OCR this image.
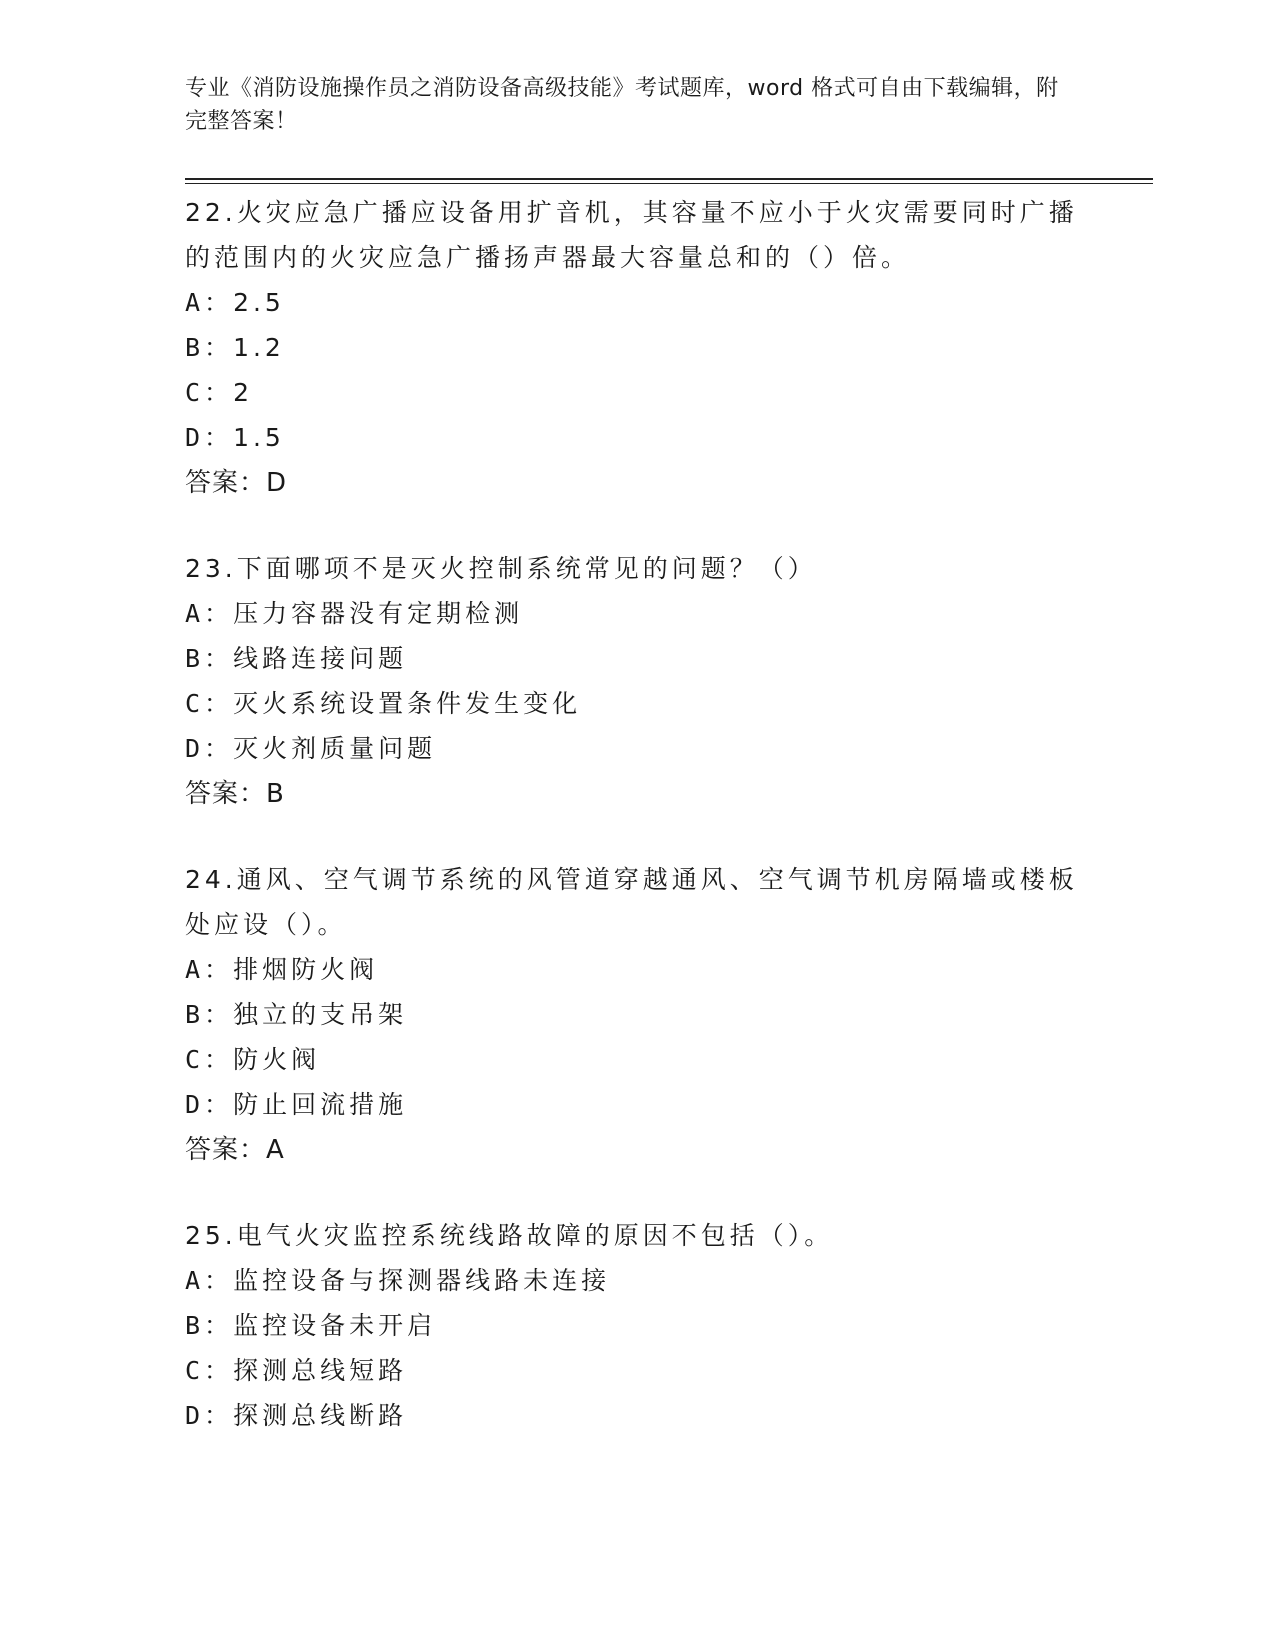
专业《消防设施操作员之消防设备高级技能》考试题库，word 格式可自由下载编辑，附完整答案！
22.火灾应急广播应设备用扩音机，其容量不应小于火灾需要同时广播的范围内的火灾应急广播扬声器最大容量总和的（）倍。
A：2.5
B：1.2
C：2
D：1.5
答案：D
23.下面哪项不是灭火控制系统常见的问题？（）
A：压力容器没有定期检测
B：线路连接问题
C：灭火系统设置条件发生变化
D：灭火剂质量问题
答案：B
24.通风、空气调节系统的风管道穿越通风、空气调节机房隔墙或楼板处应设（）。
A：排烟防火阀
B：独立的支吊架
C：防火阀
D：防止回流措施
答案：A
25.电气火灾监控系统线路故障的原因不包括（）。
A：监控设备与探测器线路未连接
B：监控设备未开启
C：探测总线短路
D：探测总线断路
